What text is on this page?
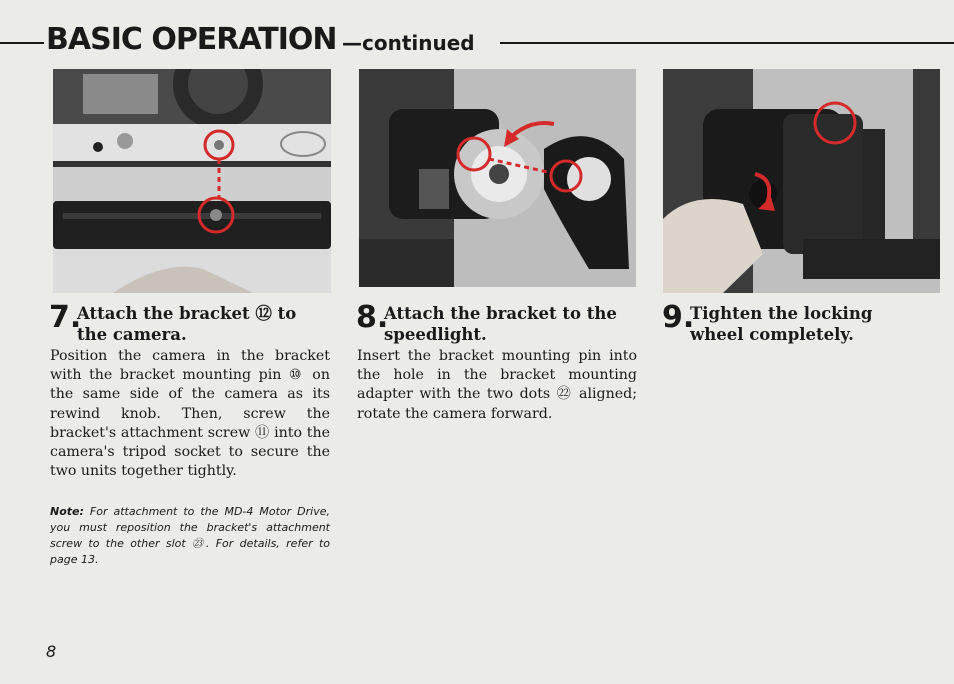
BASIC OPERATION —continued
7.
Attach the bracket ⑫ to the camera.
Position the camera in the bracket with the bracket mounting pin ⑩ on the same side of the camera as its rewind knob. Then, screw the bracket's attachment screw ⑪ into the camera's tripod socket to secure the two units together tightly.
8.
Attach the bracket to the speedlight.
Insert the bracket mounting pin into the hole in the bracket mounting adapter with the two dots ㉒ aligned; rotate the camera forward.
9.
Tighten the locking wheel completely.
Note: For attachment to the MD-4 Motor Drive, you must reposition the bracket's attachment screw to the other slot ㉓. For details, refer to page 13.
8
